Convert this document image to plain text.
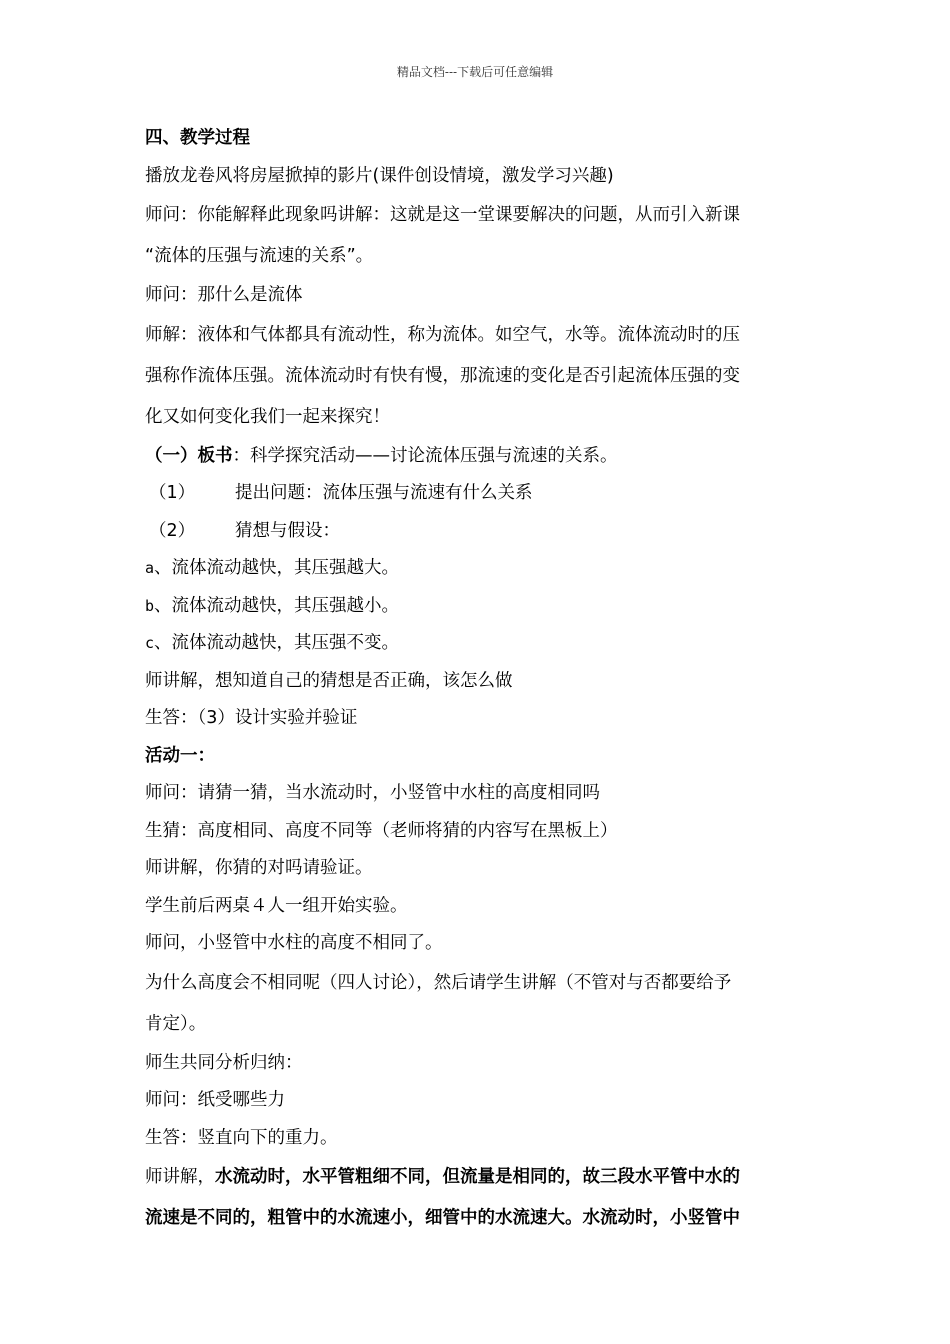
精品文档---下载后可任意编辑
四、教学过程
播放龙卷风将房屋掀掉的影片(课件创设情境，激发学习兴趣)
师问：你能解释此现象吗讲解：这就是这一堂课要解决的问题，从而引入新课
“流体的压强与流速的关系”。
师问：那什么是流体
师解：液体和气体都具有流动性，称为流体。如空气，水等。流体流动时的压
强称作流体压强。流体流动时有快有慢，那流速的变化是否引起流体压强的变
化又如何变化我们一起来探究！
（一）板书：科学探究活动——讨论流体压强与流速的关系。
（1） 提出问题：流体压强与流速有什么关系
（2） 猜想与假设：
a、流体流动越快，其压强越大。
b、流体流动越快，其压强越小。
c、流体流动越快，其压强不变。
师讲解，想知道自己的猜想是否正确，该怎么做
生答：（3）设计实验并验证
活动一：
师问：请猜一猜，当水流动时，小竖管中水柱的高度相同吗
生猜：高度相同、高度不同等（老师将猜的内容写在黑板上）
师讲解，你猜的对吗请验证。
学生前后两桌４人一组开始实验。
师问，小竖管中水柱的高度不相同了。
为什么高度会不相同呢（四人讨论），然后请学生讲解（不管对与否都要给予
肯定）。
师生共同分析归纳：
师问：纸受哪些力
生答：竖直向下的重力。
师讲解，水流动时，水平管粗细不同，但流量是相同的，故三段水平管中水的
流速是不同的，粗管中的水流速小，细管中的水流速大。水流动时，小竖管中
